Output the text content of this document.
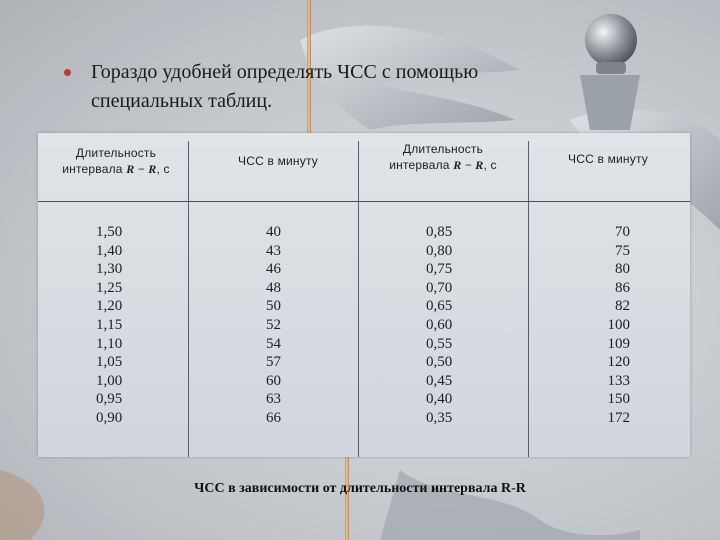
Гораздо удобней определять ЧСС с помощью
специальных таблиц.
Длительность
интервала R − R, с
ЧСС в минуту
Длительность
интервала R − R, с	ЧСС в минуту
1,50
1,40
1,30
1,25
1,20
1,15
1,10
1,05
1,00
0,95
0,90
40
43
46
48
50
52
54
57
60
63
66
0,85
0,80
0,75
0,70
0,65
0,60
0,55
0,50
0,45
0,40
0,35
70
75
80
86
82
100
109
120
133
150
172
ЧСС в зависимости от длительности интервала R-R
